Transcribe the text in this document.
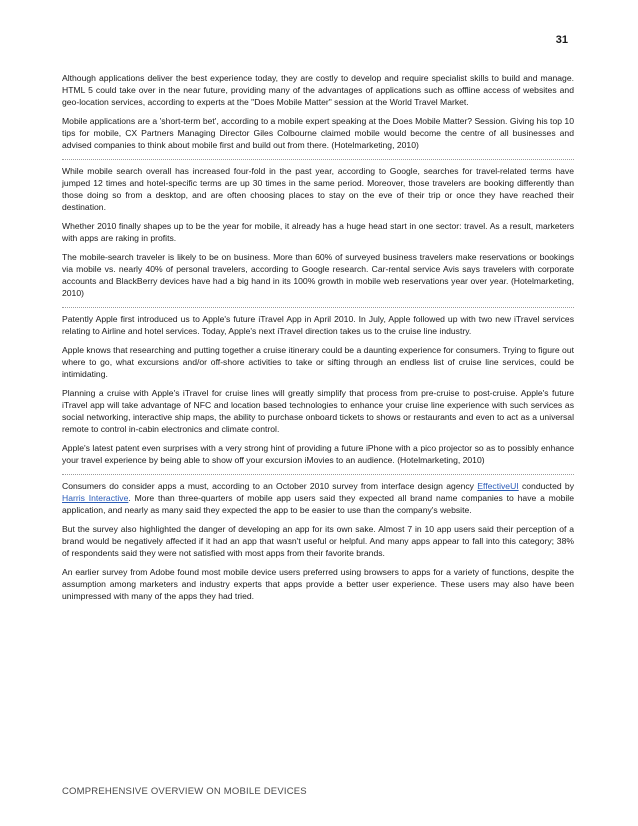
31

Although applications deliver the best experience today, they are costly to develop and require specialist skills to build and manage. HTML 5 could take over in the near future, providing many of the advantages of applications such as offline access of websites and geo-location services, according to experts at the "Does Mobile Matter" session at the World Travel Market.

Mobile applications are a 'short-term bet', according to a mobile expert speaking at the Does Mobile Matter? Session. Giving his top 10 tips for mobile, CX Partners Managing Director Giles Colbourne claimed mobile would become the centre of all businesses and advised companies to think about mobile first and build out from there. (Hotelmarketing, 2010)

While mobile search overall has increased four-fold in the past year, according to Google, searches for travel-related terms have jumped 12 times and hotel-specific terms are up 30 times in the same period. Moreover, those travelers are booking differently than those doing so from a desktop, and are often choosing places to stay on the eve of their trip or once they have reached their destination.

Whether 2010 finally shapes up to be the year for mobile, it already has a huge head start in one sector: travel. As a result, marketers with apps are raking in profits.

The mobile-search traveler is likely to be on business. More than 60% of surveyed business travelers make reservations or bookings via mobile vs. nearly 40% of personal travelers, according to Google research. Car-rental service Avis says travelers with corporate accounts and BlackBerry devices have had a big hand in its 100% growth in mobile web reservations year over year. (Hotelmarketing, 2010)

Patently Apple first introduced us to Apple's future iTravel App in April 2010. In July, Apple followed up with two new iTravel services relating to Airline and hotel services. Today, Apple's next iTravel direction takes us to the cruise line industry.

Apple knows that researching and putting together a cruise itinerary could be a daunting experience for consumers. Trying to figure out where to go, what excursions and/or off-shore activities to take or sifting through an endless list of cruise line services, could be intimidating.

Planning a cruise with Apple's iTravel for cruise lines will greatly simplify that process from pre-cruise to post-cruise. Apple's future iTravel app will take advantage of NFC and location based technologies to enhance your cruise line experience with such services as social networking, interactive ship maps, the ability to purchase onboard tickets to shows or restaurants and even to act as a universal remote to control in-cabin electronics and climate control.

Apple's latest patent even surprises with a very strong hint of providing a future iPhone with a pico projector so as to possibly enhance your travel experience by being able to show off your excursion iMovies to an audience. (Hotelmarketing, 2010)

Consumers do consider apps a must, according to an October 2010 survey from interface design agency EffectiveUI conducted by Harris Interactive. More than three-quarters of mobile app users said they expected all brand name companies to have a mobile application, and nearly as many said they expected the app to be easier to use than the company's website.

But the survey also highlighted the danger of developing an app for its own sake. Almost 7 in 10 app users said their perception of a brand would be negatively affected if it had an app that wasn't useful or helpful. And many apps appear to fall into this category; 38% of respondents said they were not satisfied with most apps from their favorite brands.

An earlier survey from Adobe found most mobile device users preferred using browsers to apps for a variety of functions, despite the assumption among marketers and industry experts that apps provide a better user experience. These users may also have been unimpressed with many of the apps they had tried.

COMPREHENSIVE OVERVIEW ON MOBILE DEVICES
